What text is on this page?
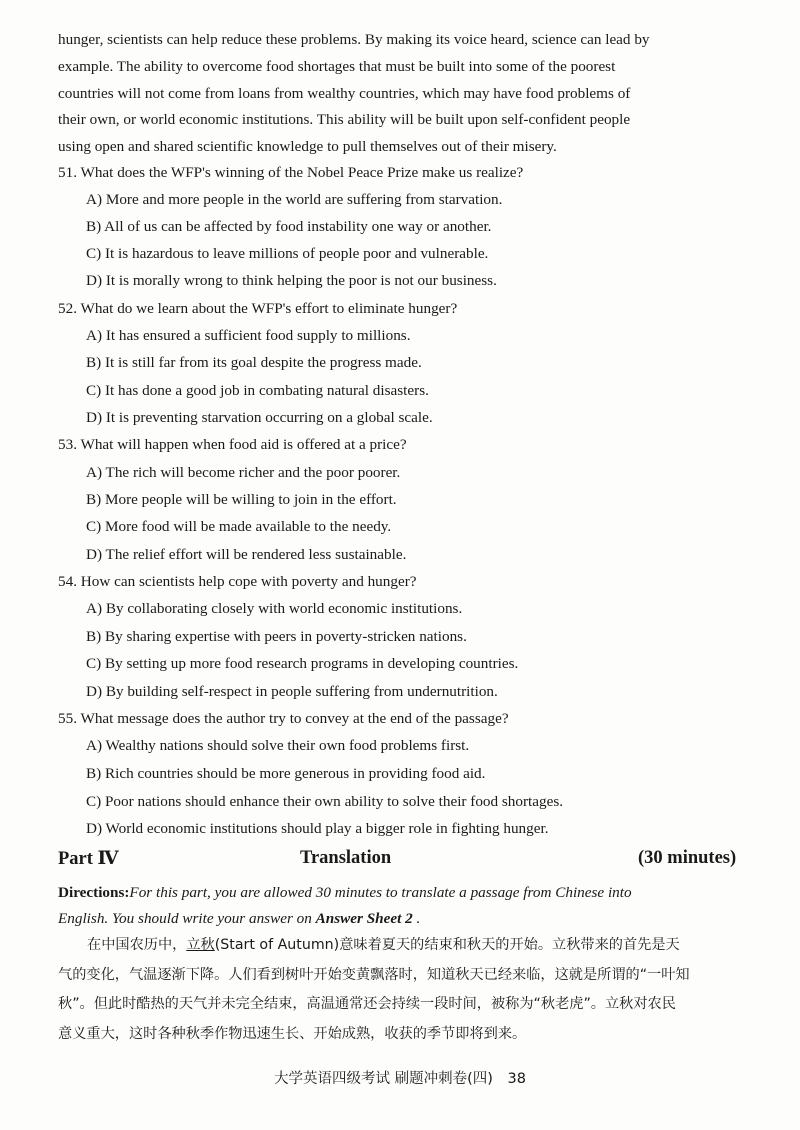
hunger, scientists can help reduce these problems. By making its voice heard, science can lead by
example. The ability to overcome food shortages that must be built into some of the poorest
countries will not come from loans from wealthy countries, which may have food problems of
their own, or world economic institutions. This ability will be built upon self-confident people
using open and shared scientific knowledge to pull themselves out of their misery.
51. What does the WFP's winning of the Nobel Peace Prize make us realize?
A) More and more people in the world are suffering from starvation.
B) All of us can be affected by food instability one way or another.
C) It is hazardous to leave millions of people poor and vulnerable.
D) It is morally wrong to think helping the poor is not our business.
52. What do we learn about the WFP's effort to eliminate hunger?
A) It has ensured a sufficient food supply to millions.
B) It is still far from its goal despite the progress made.
C) It has done a good job in combating natural disasters.
D) It is preventing starvation occurring on a global scale.
53. What will happen when food aid is offered at a price?
A) The rich will become richer and the poor poorer.
B) More people will be willing to join in the effort.
C) More food will be made available to the needy.
D) The relief effort will be rendered less sustainable.
54. How can scientists help cope with poverty and hunger?
A) By collaborating closely with world economic institutions.
B) By sharing expertise with peers in poverty-stricken nations.
C) By setting up more food research programs in developing countries.
D) By building self-respect in people suffering from undernutrition.
55. What message does the author try to convey at the end of the passage?
A) Wealthy nations should solve their own food problems first.
B) Rich countries should be more generous in providing food aid.
C) Poor nations should enhance their own ability to solve their food shortages.
D) World economic institutions should play a bigger role in fighting hunger.
Part Ⅳ	Translation	(30 minutes)
Directions:For this part, you are allowed 30 minutes to translate a passage from Chinese into
English. You should write your answer on Answer Sheet 2 .
在中国农历中，立秋(Start of Autumn)意味着夏天的结束和秋天的开始。立秋带来的首先是天
气的变化，气温逐渐下降。人们看到树叶开始变黄飘落时，知道秋天已经来临，这就是所谓的“一叶知
秋”。但此时酷热的天气并未完全结束，高温通常还会持续一段时间，被称为“秋老虎”。立秋对农民
意义重大，这时各种秋季作物迅速生长、开始成熟，收获的季节即将到来。
大学英语四级考试 刷题冲刺卷(四) 38
